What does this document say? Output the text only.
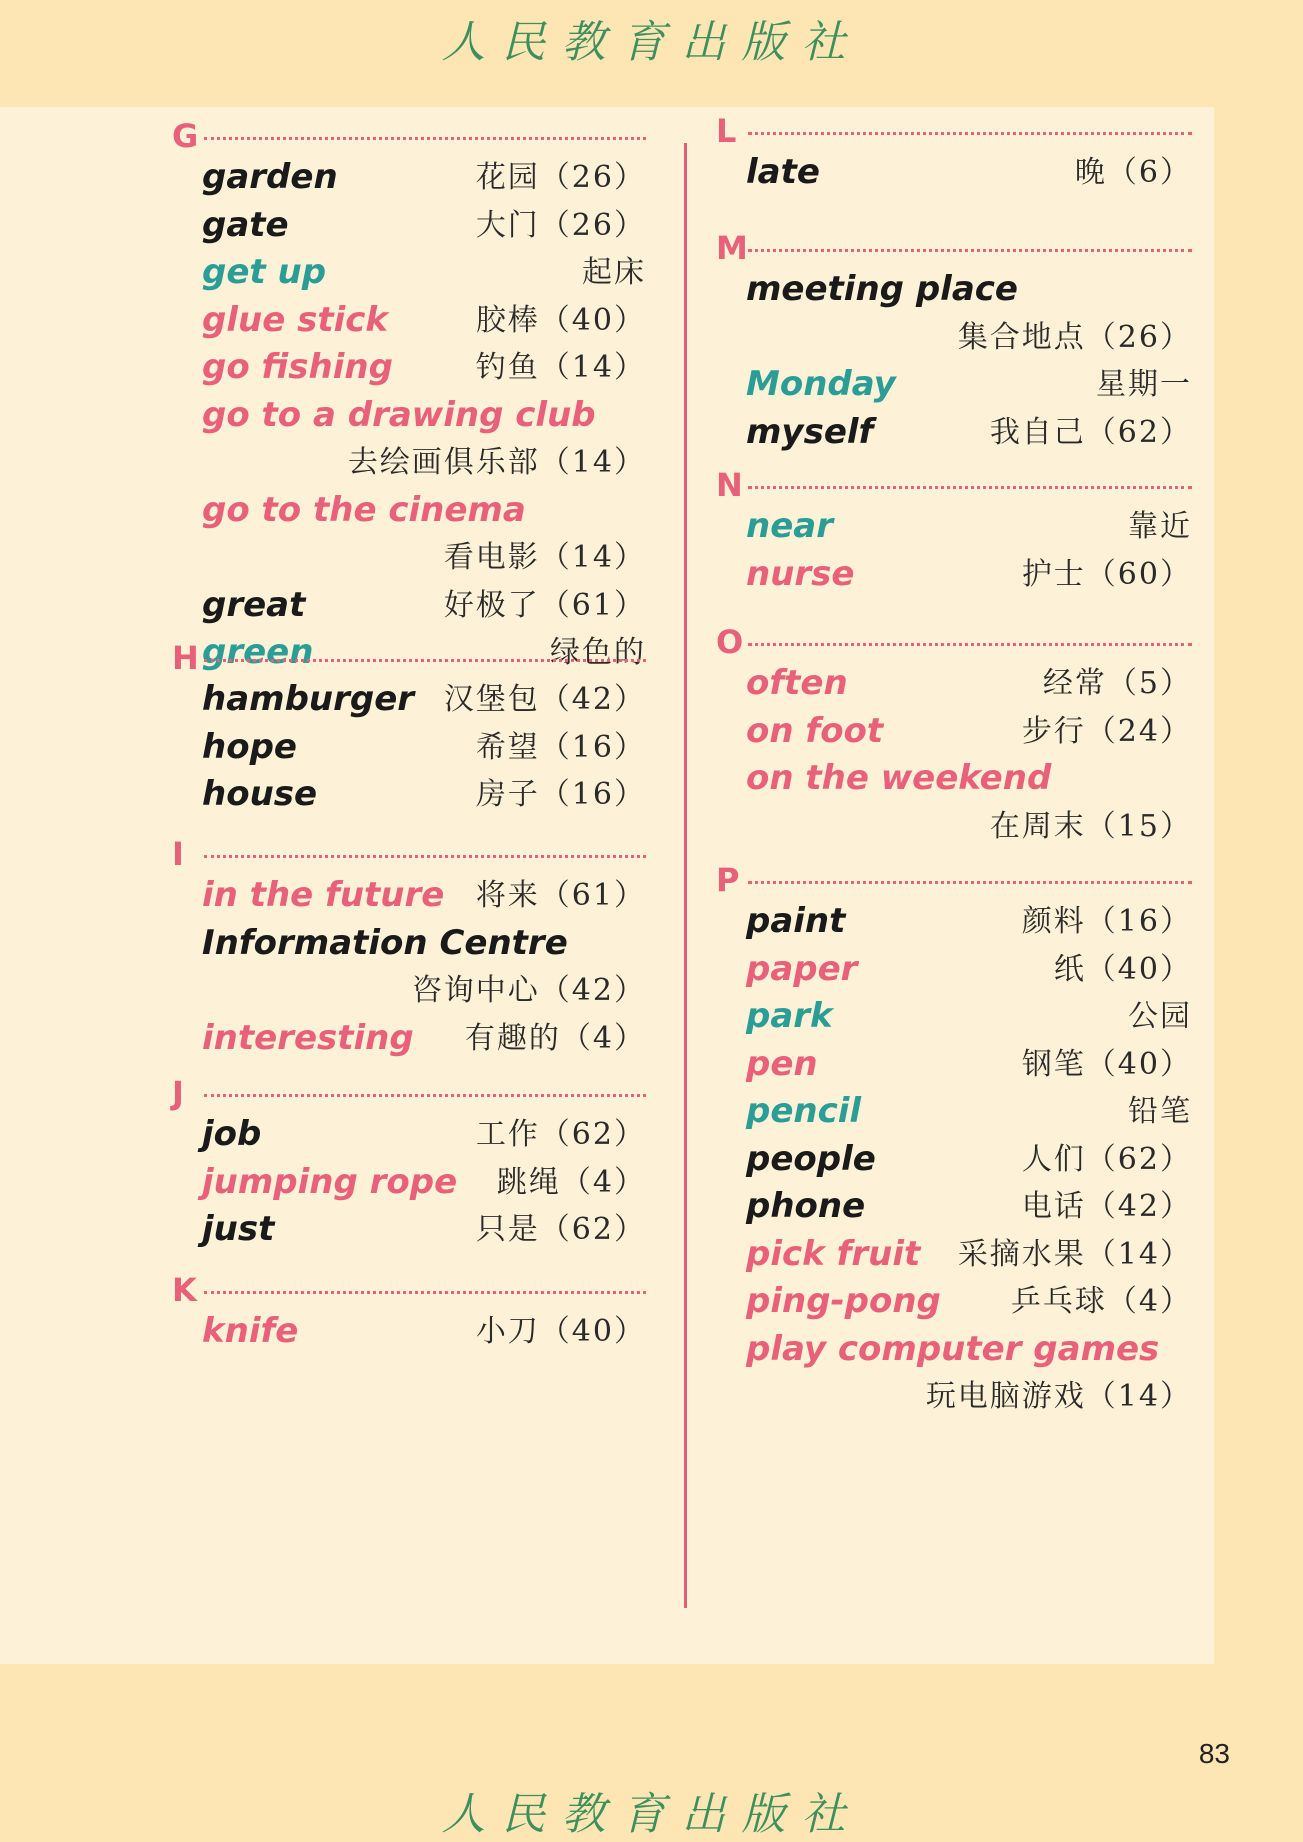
人民教育出版社
G
garden	花园（26）
gate	大门（26）
get up	起床
glue stick	胶棒（40）
go fishing	钓鱼（14）
go to a drawing club
去绘画俱乐部（14）
go to the cinema
看电影（14）
great	好极了（61）
green	绿色的
H
hamburger 汉堡包（42）
hope	希望（16）
house	房子（16）
I
in the future 将来（61）
Information Centre
咨询中心（42）
interesting 有趣的（4）
J
job	工作（62）
jumping rope 跳绳（4）
just	只是（62）
K
knife	小刀（40）
L
late	晚（6）
M
meeting place
集合地点（26）
Monday	星期一
myself	我自己（62）
N
near	靠近
nurse	护士（60）
O
often	经常（5）
on foot	步行（24）
on the weekend
在周末（15）
P
paint	颜料（16）
paper	纸（40）
park	公园
pen	钢笔（40）
pencil	铅笔
people	人们（62）
phone	电话（42）
pick fruit 采摘水果（14）
ping-pong 乒乓球（4）
play computer games
玩电脑游戏（14）
83
人民教育出版社
